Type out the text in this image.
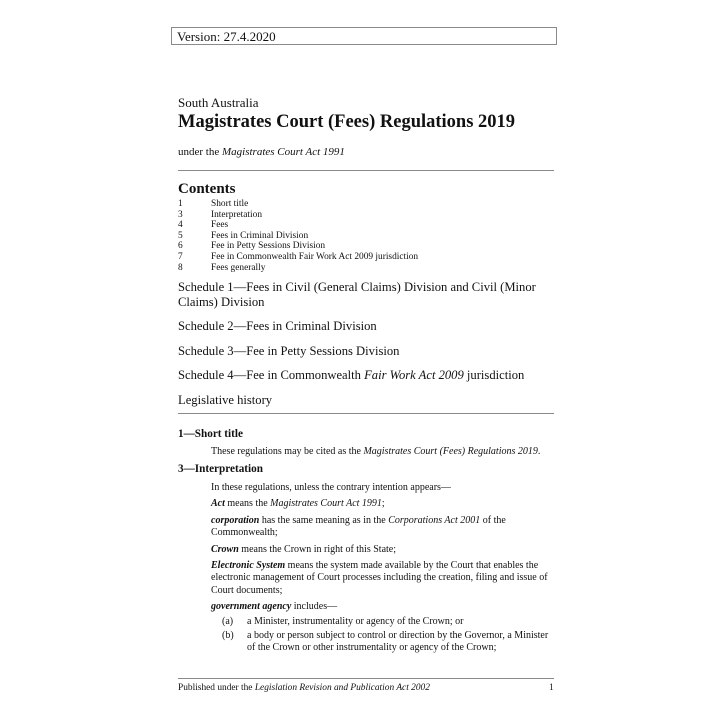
Version: 27.4.2020
South Australia
Magistrates Court (Fees) Regulations 2019
under the Magistrates Court Act 1991
Contents
1	Short title
3	Interpretation
4	Fees
5	Fees in Criminal Division
6	Fee in Petty Sessions Division
7	Fee in Commonwealth Fair Work Act 2009 jurisdiction
8	Fees generally

Schedule 1—Fees in Civil (General Claims) Division and Civil (Minor Claims) Division

Schedule 2—Fees in Criminal Division

Schedule 3—Fee in Petty Sessions Division

Schedule 4—Fee in Commonwealth Fair Work Act 2009 jurisdiction

Legislative history

1—Short title

These regulations may be cited as the Magistrates Court (Fees) Regulations 2019.

3—Interpretation

In these regulations, unless the contrary intention appears—

Act means the Magistrates Court Act 1991;

corporation has the same meaning as in the Corporations Act 2001 of the Commonwealth;

Crown means the Crown in right of this State;

Electronic System means the system made available by the Court that enables the electronic management of Court processes including the creation, filing and issue of Court documents;

government agency includes—

(a)	a Minister, instrumentality or agency of the Crown; or
(b)	a body or person subject to control or direction by the Governor, a Minister of the Crown or other instrumentality or agency of the Crown;
Published under the Legislation Revision and Publication Act 2002	1
